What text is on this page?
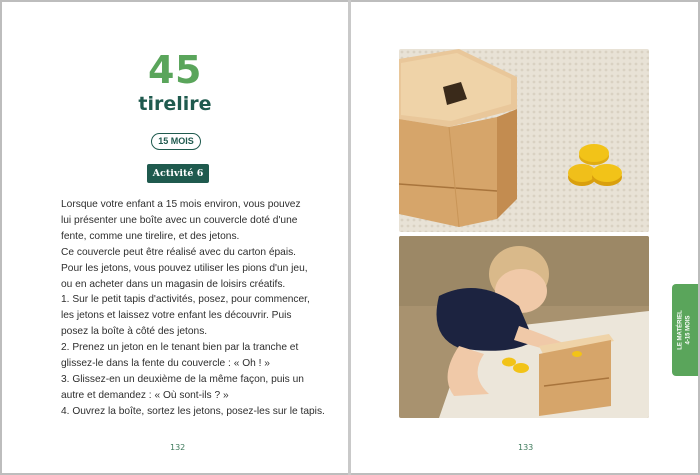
45
tirelire
15 MOIS
Activité 6
Lorsque votre enfant a 15 mois environ, vous pouvez
lui présenter une boîte avec un couvercle doté d'une
fente, comme une tirelire, et des jetons.
Ce couvercle peut être réalisé avec du carton épais.
Pour les jetons, vous pouvez utiliser les pions d'un jeu,
ou en acheter dans un magasin de loisirs créatifs.
1. Sur le petit tapis d'activités, posez, pour commencer,
les jetons et laissez votre enfant les découvrir. Puis
posez la boîte à côté des jetons.
2. Prenez un jeton en le tenant bien par la tranche et
glissez-le dans la fente du couvercle : « Oh ! »
3. Glissez-en un deuxième de la même façon, puis un
autre et demandez : « Où sont-ils ? »
4. Ouvrez la boîte, sortez les jetons, posez-les sur le tapis.
132	133
LE MATÉRIEL 4-15 MOIS
